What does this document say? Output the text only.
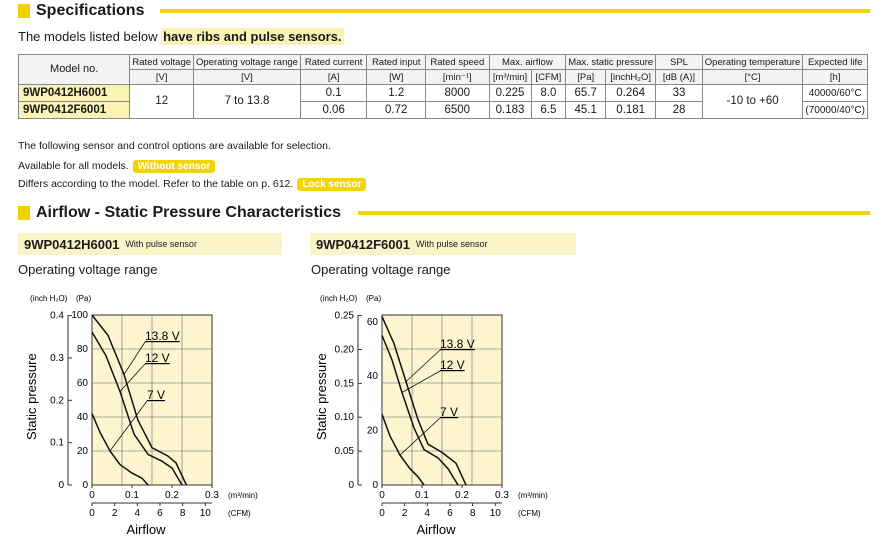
Specifications
The models listed below have ribs and pulse sensors.
Model no.	Rated voltage	Operating voltage range	Rated current	Rated input	Rated speed	Max. airflow		Max. static pressure		SPL	Operating temperature	Expected life
	[V]	[V]	[A]	[W]	[min⁻¹]	[m³/min]	[CFM]	[Pa]	[inchH₂O]	[dB (A)]	[°C]	[h]
9WP0412H6001	12	7 to 13.8	0.1	1.2	8000	0.225	8.0	65.7	0.264	33	-10 to +60	40000/60°C
9WP0412F6001			0.06	0.72	6500	0.183	6.5	45.1	0.181	28		(70000/40°C)
The following sensor and control options are available for selection.
Available for all models. Without sensor
Differs according to the model. Refer to the table on p. 612. Lock sensor
Airflow - Static Pressure Characteristics
9WP0412H6001 With pulse sensor	9WP0412F6001 With pulse sensor
Operating voltage range	Operating voltage range
0
20
40
60
80
100
0
0.1
0.2
0.3
0.4
(inch H₂O) (Pa)
Static pressure
0	0.1	0.2	0.3 (m³/min)
0 2 4 6 8 10 (CFM)
Airflow
13.8 V
12 V
7 V
0
20
40
60
0
0.05
0.10
0.15
0.20
0.25
(inch H₂O) (Pa)
Static pressure
0	0.1	0.2	0.3 (m³/min)
0 2 4 6 8 10 (CFM)
Airflow
13.8 V
12 V
7 V
